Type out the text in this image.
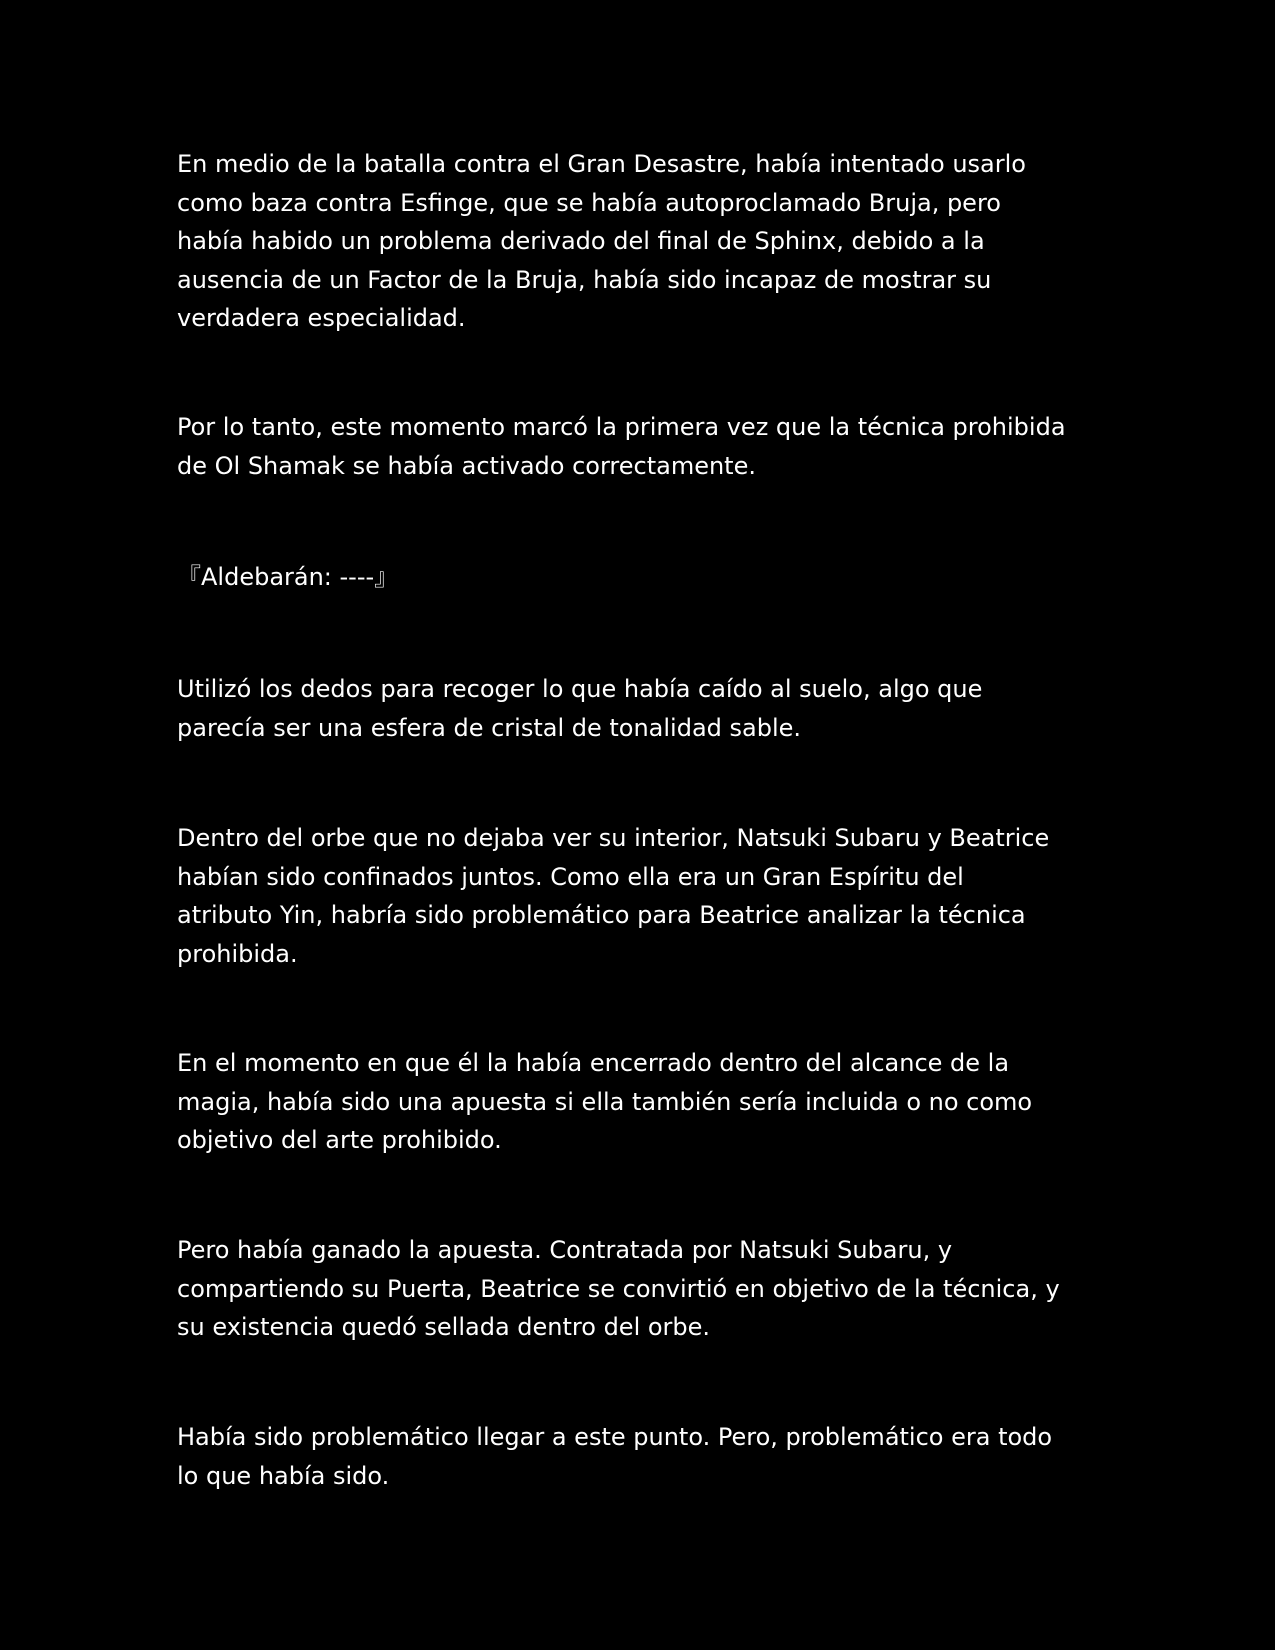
En medio de la batalla contra el Gran Desastre, había intentado usarlo
como baza contra Esfinge, que se había autoproclamado Bruja, pero
había habido un problema derivado del final de Sphinx, debido a la
ausencia de un Factor de la Bruja, había sido incapaz de mostrar su
verdadera especialidad.

Por lo tanto, este momento marcó la primera vez que la técnica prohibida
de Ol Shamak se había activado correctamente.

『Aldebarán: ----』

Utilizó los dedos para recoger lo que había caído al suelo, algo que
parecía ser una esfera de cristal de tonalidad sable.

Dentro del orbe que no dejaba ver su interior, Natsuki Subaru y Beatrice
habían sido confinados juntos. Como ella era un Gran Espíritu del
atributo Yin, habría sido problemático para Beatrice analizar la técnica
prohibida.

En el momento en que él la había encerrado dentro del alcance de la
magia, había sido una apuesta si ella también sería incluida o no como
objetivo del arte prohibido.

Pero había ganado la apuesta. Contratada por Natsuki Subaru, y
compartiendo su Puerta, Beatrice se convirtió en objetivo de la técnica, y
su existencia quedó sellada dentro del orbe.

Había sido problemático llegar a este punto. Pero, problemático era todo
lo que había sido.
